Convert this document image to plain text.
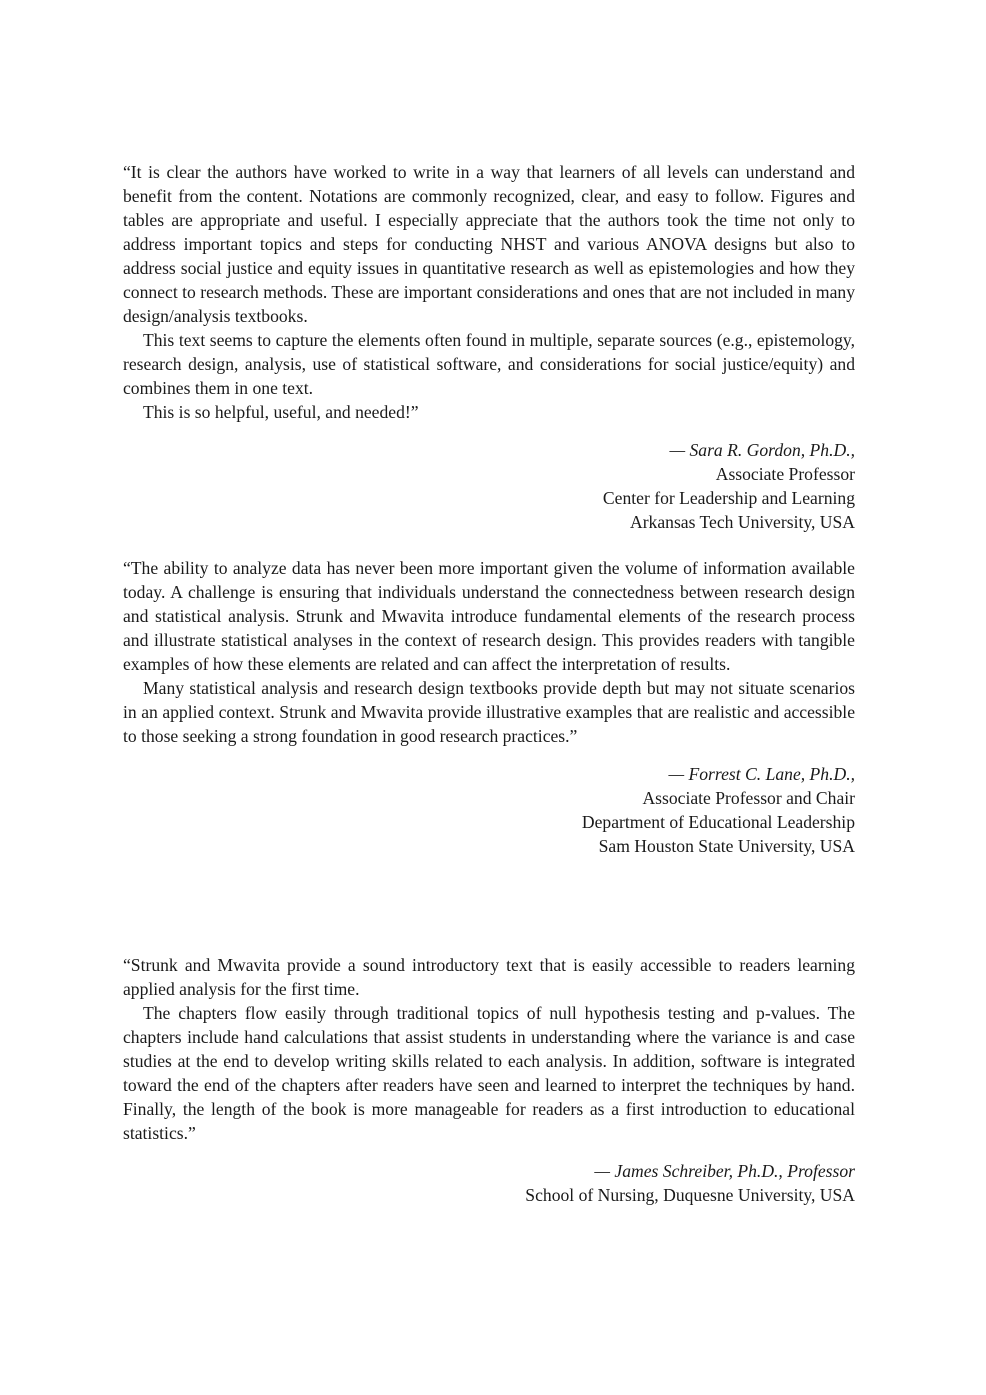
“It is clear the authors have worked to write in a way that learners of all levels can understand and benefit from the content. Notations are commonly recognized, clear, and easy to follow. Figures and tables are appropriate and useful. I especially appreciate that the authors took the time not only to address important topics and steps for conducting NHST and various ANOVA designs but also to address social justice and equity issues in quantitative research as well as epistemologies and how they connect to research methods. These are important considerations and ones that are not included in many design/analysis textbooks.

This text seems to capture the elements often found in multiple, separate sources (e.g., epistemology, research design, analysis, use of statistical software, and considerations for social justice/equity) and combines them in one text.

This is so helpful, useful, and needed!”

— Sara R. Gordon, Ph.D.,

Associate Professor

Center for Leadership and Learning

Arkansas Tech University, USA

“The ability to analyze data has never been more important given the volume of information available today. A challenge is ensuring that individuals understand the connectedness between research design and statistical analysis. Strunk and Mwavita introduce fundamental elements of the research process and illustrate statistical analyses in the context of research design. This provides readers with tangible examples of how these elements are related and can affect the interpretation of results.

Many statistical analysis and research design textbooks provide depth but may not situate scenarios in an applied context. Strunk and Mwavita provide illustrative examples that are realistic and accessible to those seeking a strong foundation in good research practices.”

— Forrest C. Lane, Ph.D.,

Associate Professor and Chair

Department of Educational Leadership

Sam Houston State University, USA

“Strunk and Mwavita provide a sound introductory text that is easily accessible to readers learning applied analysis for the first time.

The chapters flow easily through traditional topics of null hypothesis testing and p-values. The chapters include hand calculations that assist students in understanding where the variance is and case studies at the end to develop writing skills related to each analysis. In addition, software is integrated toward the end of the chapters after readers have seen and learned to interpret the techniques by hand. Finally, the length of the book is more manageable for readers as a first introduction to educational statistics.”

— James Schreiber, Ph.D., Professor

School of Nursing, Duquesne University, USA
